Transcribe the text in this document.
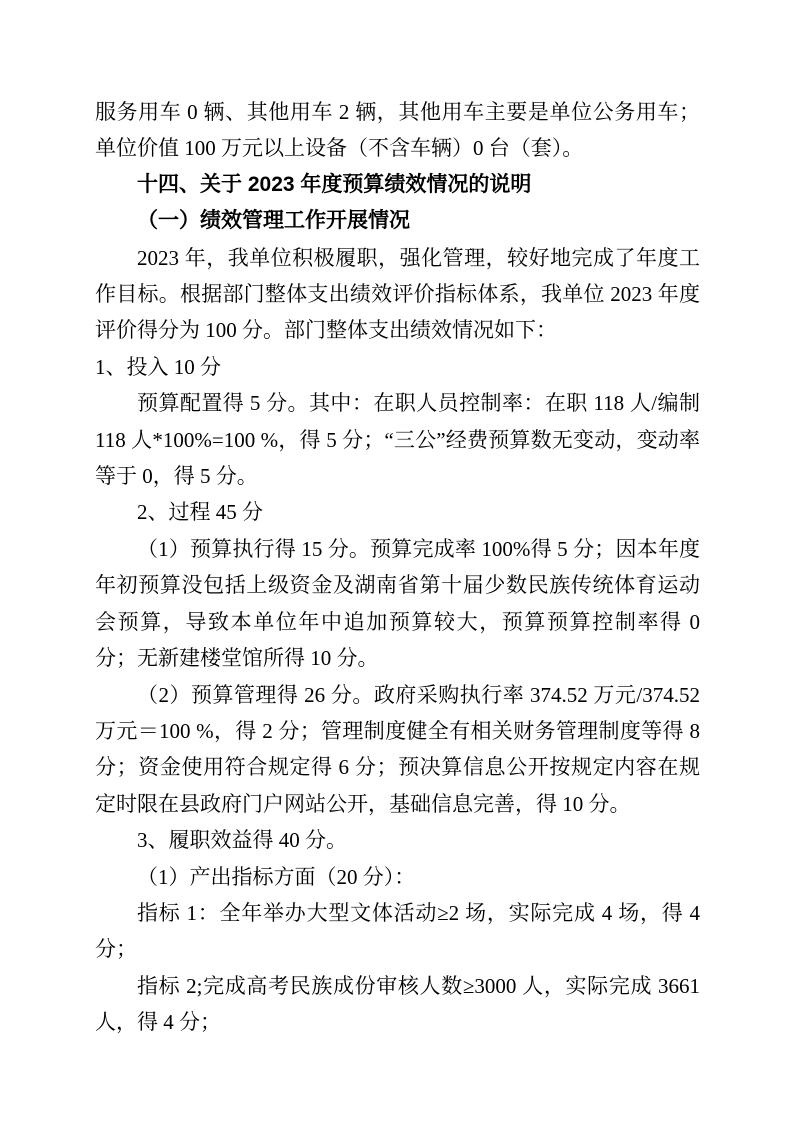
服务用车 0 辆、其他用车 2 辆，其他用车主要是单位公务用车；单位价值 100 万元以上设备（不含车辆）0 台（套）。

十四、关于 2023 年度预算绩效情况的说明

（一）绩效管理工作开展情况

2023 年，我单位积极履职，强化管理，较好地完成了年度工作目标。根据部门整体支出绩效评价指标体系，我单位 2023 年度评价得分为 100 分。部门整体支出绩效情况如下：

1、投入 10 分

预算配置得 5 分。其中：在职人员控制率：在职 118 人/编制 118 人*100%=100 %，得 5 分；“三公”经费预算数无变动，变动率等于 0，得 5 分。

2、过程 45 分

（1）预算执行得 15 分。预算完成率 100%得 5 分；因本年度年初预算没包括上级资金及湖南省第十届少数民族传统体育运动会预算，导致本单位年中追加预算较大，预算预算控制率得 0 分；无新建楼堂馆所得 10 分。

（2）预算管理得 26 分。政府采购执行率 374.52 万元/374.52 万元＝100 %，得 2 分；管理制度健全有相关财务管理制度等得 8 分；资金使用符合规定得 6 分；预决算信息公开按规定内容在规定时限在县政府门户网站公开，基础信息完善，得 10 分。

3、履职效益得 40 分。

（1）产出指标方面（20 分）：

指标 1：全年举办大型文体活动≥2 场，实际完成 4 场，得 4 分；

指标 2;完成高考民族成份审核人数≥3000 人，实际完成 3661 人，得 4 分；
